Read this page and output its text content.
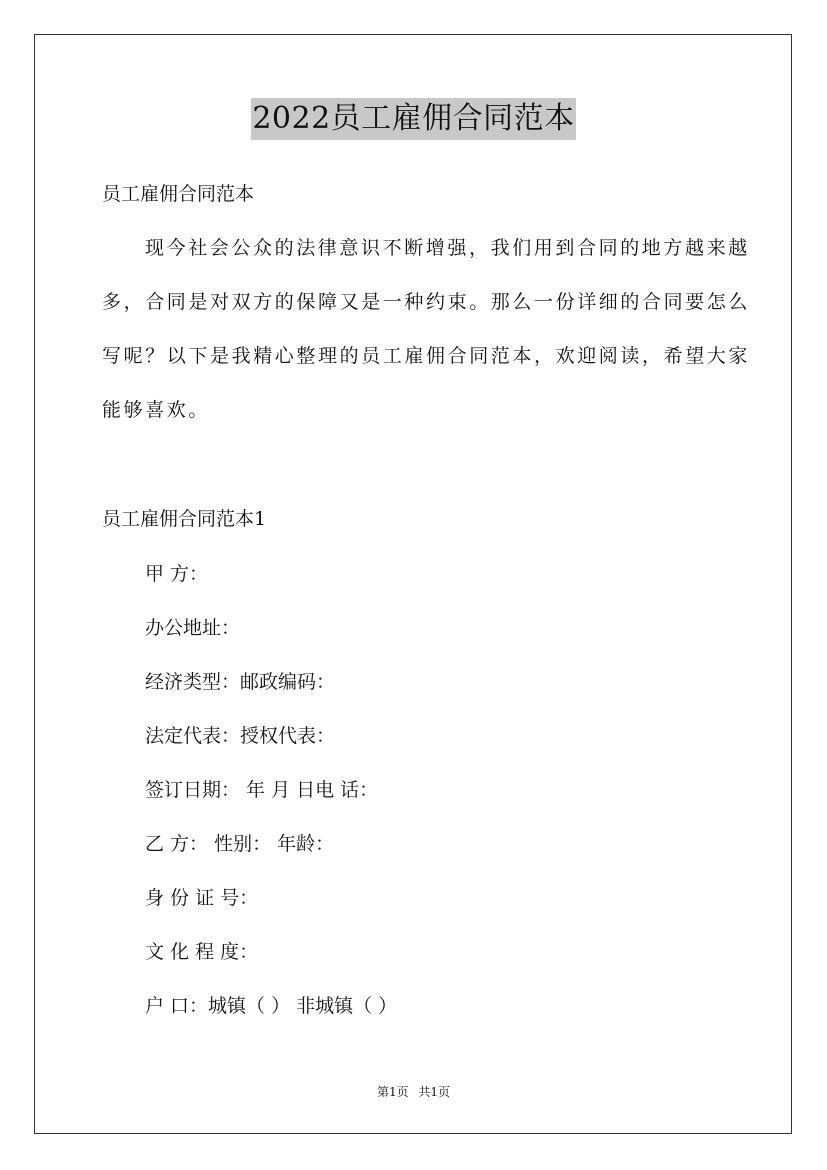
2022员工雇佣合同范本
员工雇佣合同范本
现今社会公众的法律意识不断增强，我们用到合同的地方越来越
多，合同是对双方的保障又是一种约束。那么一份详细的合同要怎么
写呢？以下是我精心整理的员工雇佣合同范本，欢迎阅读，希望大家
能够喜欢。
员工雇佣合同范本1
甲 方：
办公地址：
经济类型：邮政编码：
法定代表：授权代表：
签订日期： 年 月 日电 话：
乙 方： 性别： 年龄：
身 份 证 号：
文 化 程 度：
户 口：城镇（ ） 非城镇（ ）
第1页 共1页
